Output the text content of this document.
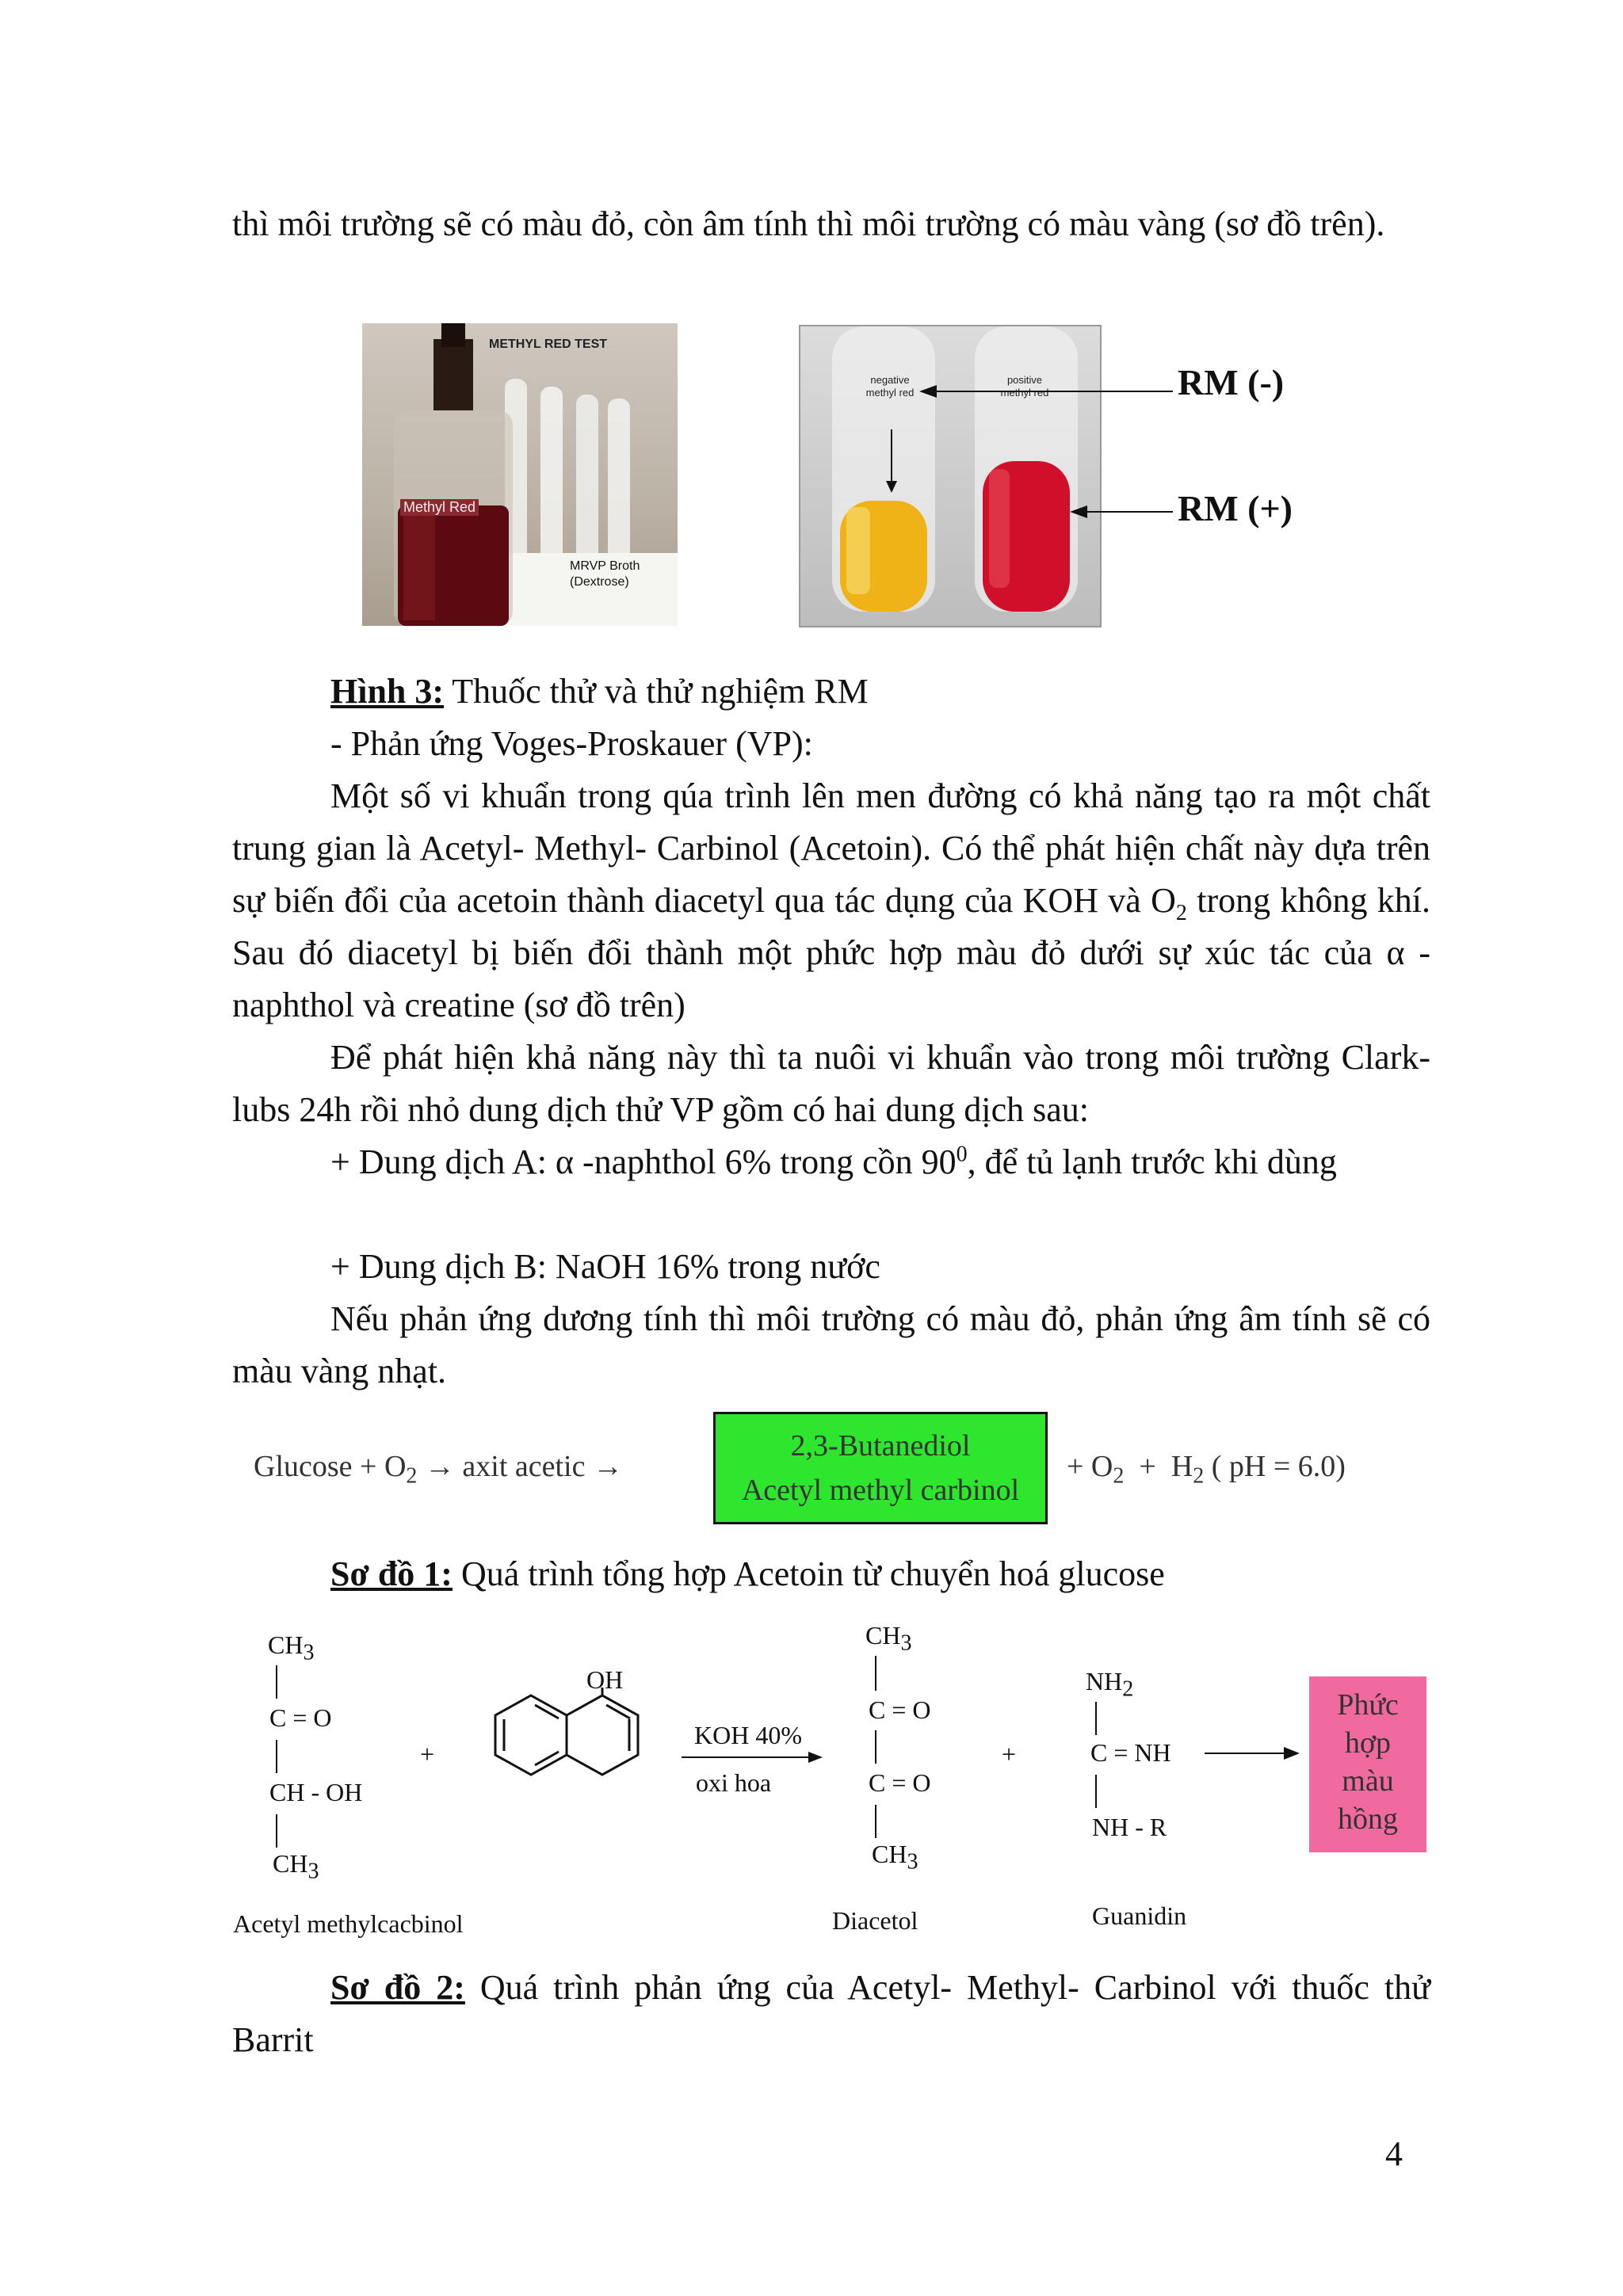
thì môi trường sẽ có màu đỏ, còn âm tính thì môi trường có màu vàng (sơ đồ trên).

METHYL RED TEST
Methyl Red
MRVP Broth
(Dextrose)
negative
methyl red
positive
methyl red	RM (-)
RM (+)
Hình 3: Thuốc thử và thử nghiệm RM
- Phản ứng Voges-Proskauer (VP):

Một số vi khuẩn trong qúa trình lên men đường có khả năng tạo ra một chất trung gian là Acetyl- Methyl- Carbinol (Acetoin). Có thể phát hiện chất này dựa trên sự biến đổi của acetoin thành diacetyl qua tác dụng của KOH và $O_2$ trong không khí. Sau đó diacetyl bị biến đổi thành một phức hợp màu đỏ dưới sự xúc tác của α -naphthol và creatine (sơ đồ trên)

Để phát hiện khả năng này thì ta nuôi vi khuẩn vào trong môi trường Clark-lubs 24h rồi nhỏ dung dịch thử VP gồm có hai dung dịch sau:

+ Dung dịch A: α -naphthol 6% trong cồn $90^0$, để tủ lạnh trước khi dùng

+ Dung dịch B: NaOH 16% trong nước

Nếu phản ứng dương tính thì môi trường có màu đỏ, phản ứng âm tính sẽ có màu vàng nhạt.

$Glucose + O_2$ → axit acetic →
2,3-Butanediol
Acetyl methyl carbinol
+ $O_2 + H_2$ ( pH = 6.0)
Sơ đồ 1: Quá trình tổng hợp Acetoin từ chuyển hoá glucose
$CH_3$
C = O
CH - OH
$CH_3$
+
OH
KOH 40%
oxi hoa
$CH_3$
C = O
C = O
$CH_3$
+
$NH_2$
C = NH
NH - R
Phức
hợp
màu
hồng
Acetyl methylcacbinol	Diacetol	Guanidin

Sơ đồ 2: Quá trình phản ứng của Acetyl- Methyl- Carbinol với thuốc thử Barrit

4
